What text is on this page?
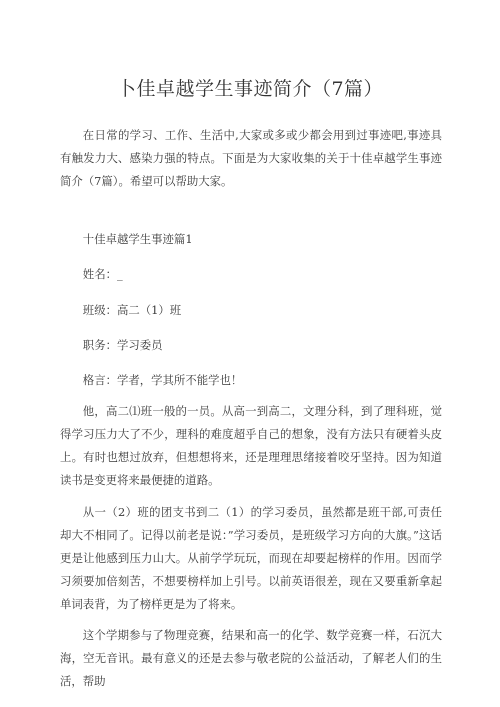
卜佳卓越学生事迹简介（7篇）

在日常的学习、工作、生活中,大家或多或少都会用到过事迹吧,事迹具有触发力大、感染力强的特点。下面是为大家收集的关于十佳卓越学生事迹简介（7篇）。希望可以帮助大家。

十佳卓越学生事迹篇1

姓名：_

班级：高二（1）班

职务：学习委员

格言：学者，学其所不能学也！

他，高二⑴班一般的一员。从高一到高二，文理分科，到了理科班，觉得学习压力大了不少，理科的难度超乎自己的想象，没有方法只有硬着头皮上。有时也想过放弃，但想想将来，还是理理思绪接着咬牙坚持。因为知道读书是变更将来最便捷的道路。

从一（2）班的团支书到二（1）的学习委员，虽然都是班干部,可责任却大不相同了。记得以前老是说：”学习委员，是班级学习方向的大旗。”这话更是让他感到压力山大。从前学学玩玩，而现在却要起榜样的作用。因而学习须要加倍刻苦，不想要榜样加上引号。以前英语很差，现在又要重新拿起单词表背，为了榜样更是为了将来。

这个学期参与了物理竞赛，结果和高一的化学、数学竞赛一样，石沉大海，空无音讯。最有意义的还是去参与敬老院的公益活动，了解老人们的生活，帮助
